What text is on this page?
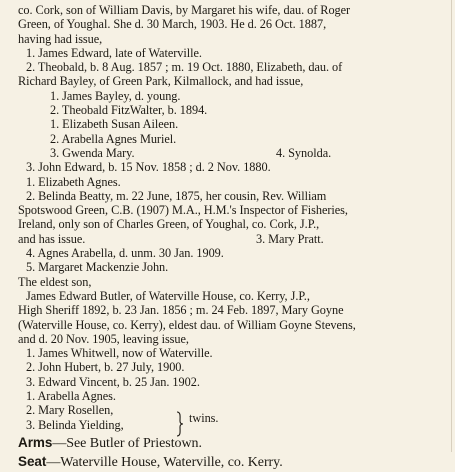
co. Cork, son of William Davis, by Margaret his wife, dau. of Roger
Green, of Youghal. She d. 30 March, 1903. He d. 26 Oct. 1887,
having had issue,
1. James Edward, late of Waterville.
2. Theobald, b. 8 Aug. 1857 ; m. 19 Oct. 1880, Elizabeth, dau. of
Richard Bayley, of Green Park, Kilmallock, and had issue,
1. James Bayley, d. young.
2. Theobald FitzWalter, b. 1894.
1. Elizabeth Susan Aileen.
2. Arabella Agnes Muriel.
3. Gwenda Mary.	4. Synolda.
3. John Edward, b. 15 Nov. 1858 ; d. 2 Nov. 1880.
1. Elizabeth Agnes.
2. Belinda Beatty, m. 22 June, 1875, her cousin, Rev. William
Spotswood Green, C.B. (1907) M.A., H.M.'s Inspector of Fisheries,
Ireland, only son of Charles Green, of Youghal, co. Cork, J.P.,
and has issue.	3. Mary Pratt.
4. Agnes Arabella, d. unm. 30 Jan. 1909.
5. Margaret Mackenzie John.
The eldest son,
James Edward Butler, of Waterville House, co. Kerry, J.P.,
High Sheriff 1892, b. 23 Jan. 1856 ; m. 24 Feb. 1897, Mary Goyne
(Waterville House, co. Kerry), eldest dau. of William Goyne Stevens,
and d. 20 Nov. 1905, leaving issue,
1. James Whitwell, now of Waterville.
2. John Hubert, b. 27 July, 1900.
3. Edward Vincent, b. 25 Jan. 1902.
1. Arabella Agnes.
2. Mary Rosellen,
3. Belinda Yielding,	twins.
Arms—See Butler of Priestown.
Seat—Waterville House, Waterville, co. Kerry.
